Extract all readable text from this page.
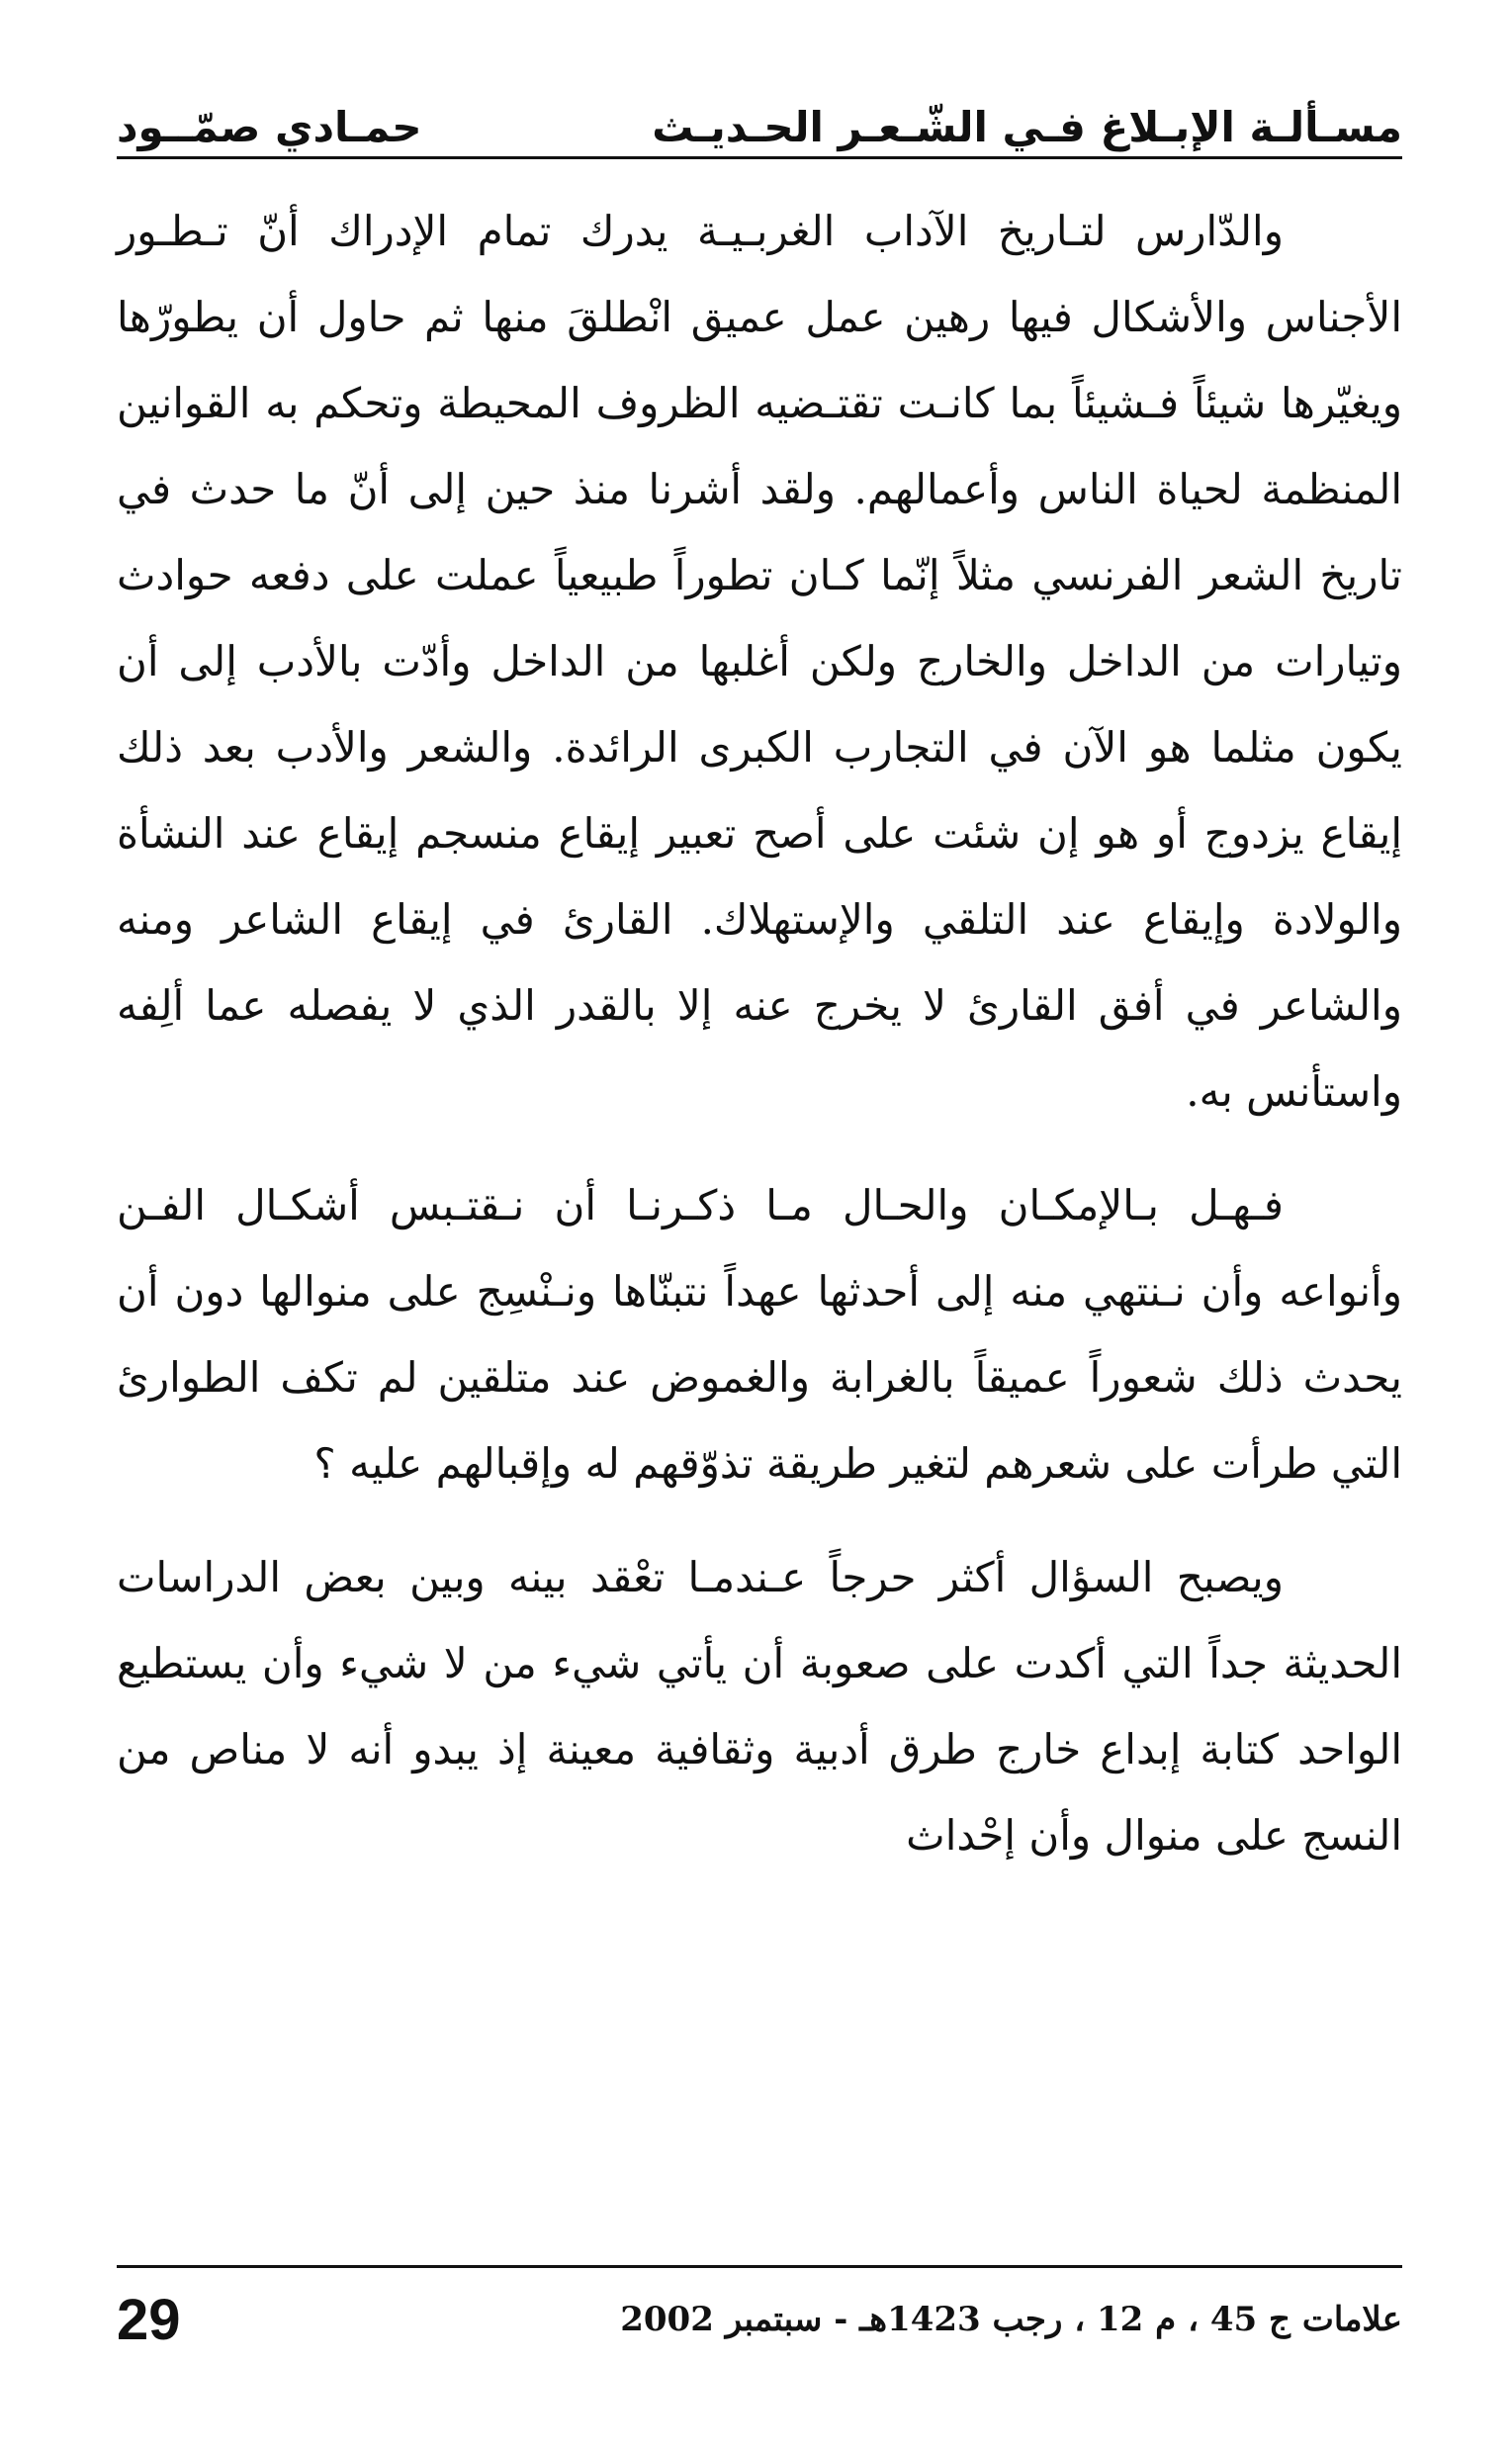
مسـألـة الإبـلاغ فـي الشّـعـر الحـديـث
حمـادي صمّــود

والدّارس لتـاريخ الآداب الغربـيـة يدرك تمام الإدراك أنّ تـطـور الأجناس والأشكال فيها رهين عمل عميق انْطلقَ منها ثم حاول أن يطورّها ويغيّرها شيئاً فـشيئاً بما كانـت تقتـضيه الظروف المحيطة وتحكم به القوانين المنظمة لحياة الناس وأعمالهم. ولقد أشرنا منذ حين إلى أنّ ما حدث في تاريخ الشعر الفرنسي مثلاً إنّما كـان تطوراً طبيعياً عملت على دفعه حوادث وتيارات من الداخل والخارج ولكن أغلبها من الداخل وأدّت بالأدب إلى أن يكون مثلما هو الآن في التجارب الكبرى الرائدة. والشعر والأدب بعد ذلك إيقاع يزدوج أو هو إن شئت على أصح تعبير إيقاع منسجم إيقاع عند النشأة والولادة وإيقاع عند التلقي والإستهلاك. القارئ في إيقاع الشاعر ومنه والشاعر في أفق القارئ لا يخرج عنه إلا بالقدر الذي لا يفصله عما ألِفه واستأنس به.

فـهـل بـالإمكـان والحـال مـا ذكـرنـا أن نـقتـبس أشكـال الفـن وأنواعه وأن نـنتهي منه إلى أحدثها عهداً نتبنّاها ونـنْسِج على منوالها دون أن يحدث ذلك شعوراً عميقاً بالغرابة والغموض عند متلقين لم تكف الطوارئ التي طرأت على شعرهم لتغير طريقة تذوّقهم له وإقبالهم عليه ؟

ويصبح السؤال أكثر حرجاً عـندمـا تعْقد بينه وبين بعض الدراسات الحديثة جداً التي أكدت على صعوبة أن يأتي شيء من لا شيء وأن يستطيع الواحد كتابة إبداع خارج طرق أدبية وثقافية معينة إذ يبدو أنه لا مناص من النسج على منوال وأن إحْداث

علامات ج 45 ، م 12 ، رجب 1423هـ - سبتمبر 2002
29
